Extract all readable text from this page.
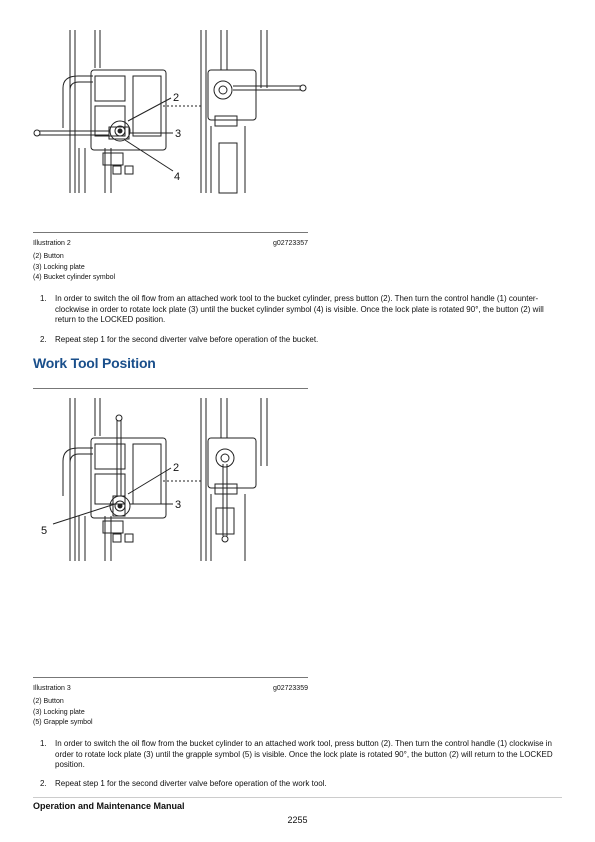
2
3
4
Illustration 2	g02723357
(2) Button
(3) Locking plate
(4) Bucket cylinder symbol
1. In order to switch the oil flow from an attached work tool to the bucket cylinder, press button (2). Then turn the control handle (1) counter-clockwise in order to rotate lock plate (3) until the bucket cylinder symbol (4) is visible. Once the lock plate is rotated 90°, the button (2) will return to the LOCKED position.
2. Repeat step 1 for the second diverter valve before operation of the bucket.
Work Tool Position
2
3
5
Illustration 3	g02723359
(2) Button
(3) Locking plate
(5) Grapple symbol
1. In order to switch the oil flow from the bucket cylinder to an attached work tool, press button (2). Then turn the control handle (1) clockwise in order to rotate lock plate (3) until the grapple symbol (5) is visible. Once the lock plate is rotated 90°, the button (2) will return to the LOCKED position.
2. Repeat step 1 for the second diverter valve before operation of the work tool.
Operation and Maintenance Manual
2255
